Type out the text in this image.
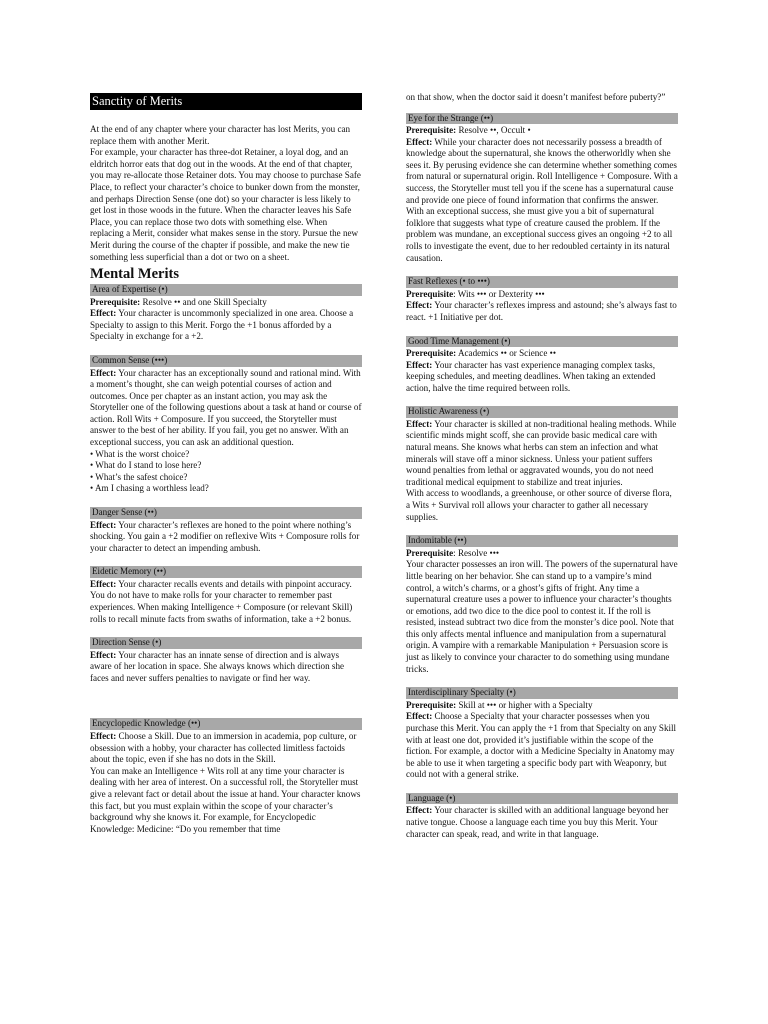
Sanctity of Merits

At the end of any chapter where your character has lost Merits, you can replace them with another Merit.

For example, your character has three-dot Retainer, a loyal dog, and an eldritch horror eats that dog out in the woods. At the end of that chapter, you may re-allocate those Retainer dots. You may choose to purchase Safe Place, to reflect your character’s choice to bunker down from the monster, and perhaps Direction Sense (one dot) so your character is less likely to get lost in those woods in the future. When the character leaves his Safe Place, you can replace those two dots with something else. When replacing a Merit, consider what makes sense in the story. Pursue the new Merit during the course of the chapter if possible, and make the new tie something less superficial than a dot or two on a sheet.

Mental Merits
Area of Expertise (•)

Prerequisite: Resolve •• and one Skill Specialty

Effect: Your character is uncommonly specialized in one area. Choose a Specialty to assign to this Merit. Forgo the +1 bonus afforded by a Specialty in exchange for a +2.

Common Sense (•••)

Effect: Your character has an exceptionally sound and rational mind. With a moment’s thought, she can weigh potential courses of action and outcomes. Once per chapter as an instant action, you may ask the Storyteller one of the following questions about a task at hand or course of action. Roll Wits + Composure. If you succeed, the Storyteller must answer to the best of her ability. If you fail, you get no answer. With an exceptional success, you can ask an additional question.

• What is the worst choice?

• What do I stand to lose here?

• What’s the safest choice?

• Am I chasing a worthless lead?

Danger Sense (••)

Effect: Your character’s reflexes are honed to the point where nothing’s shocking. You gain a +2 modifier on reflexive Wits + Composure rolls for your character to detect an impending ambush.

Eidetic Memory (••)

Effect: Your character recalls events and details with pinpoint accuracy. You do not have to make rolls for your character to remember past experiences. When making Intelligence + Composure (or relevant Skill) rolls to recall minute facts from swaths of information, take a +2 bonus.

Direction Sense (•)

Effect: Your character has an innate sense of direction and is always aware of her location in space. She always knows which direction she faces and never suffers penalties to navigate or find her way.

Encyclopedic Knowledge (••)

Effect: Choose a Skill. Due to an immersion in academia, pop culture, or obsession with a hobby, your character has collected limitless factoids about the topic, even if she has no dots in the Skill.

You can make an Intelligence + Wits roll at any time your character is dealing with her area of interest. On a successful roll, the Storyteller must give a relevant fact or detail about the issue at hand. Your character knows this fact, but you must explain within the scope of your character’s background why she knows it. For example, for Encyclopedic Knowledge: Medicine: “Do you remember that time

on that show, when the doctor said it doesn’t manifest before puberty?”

Eye for the Strange (••)

Prerequisite: Resolve ••, Occult •

Effect: While your character does not necessarily possess a breadth of knowledge about the supernatural, she knows the otherworldly when she sees it. By perusing evidence she can determine whether something comes from natural or supernatural origin. Roll Intelligence + Composure. With a success, the Storyteller must tell you if the scene has a supernatural cause and provide one piece of found information that confirms the answer. With an exceptional success, she must give you a bit of supernatural folklore that suggests what type of creature caused the problem. If the problem was mundane, an exceptional success gives an ongoing +2 to all rolls to investigate the event, due to her redoubled certainty in its natural causation.

Fast Reflexes (• to •••)

Prerequisite: Wits ••• or Dexterity •••

Effect: Your character’s reflexes impress and astound; she’s always fast to react. +1 Initiative per dot.

Good Time Management (•)

Prerequisite: Academics •• or Science ••

Effect: Your character has vast experience managing complex tasks, keeping schedules, and meeting deadlines. When taking an extended action, halve the time required between rolls.

Holistic Awareness (•)

Effect: Your character is skilled at non-traditional healing methods. While scientific minds might scoff, she can provide basic medical care with natural means. She knows what herbs can stem an infection and what minerals will stave off a minor sickness. Unless your patient suffers wound penalties from lethal or aggravated wounds, you do not need traditional medical equipment to stabilize and treat injuries.

With access to woodlands, a greenhouse, or other source of diverse flora, a Wits + Survival roll allows your character to gather all necessary supplies.

Indomitable (••)

Prerequisite: Resolve •••

Your character possesses an iron will. The powers of the supernatural have little bearing on her behavior. She can stand up to a vampire’s mind control, a witch’s charms, or a ghost’s gifts of fright. Any time a supernatural creature uses a power to influence your character’s thoughts or emotions, add two dice to the dice pool to contest it. If the roll is resisted, instead subtract two dice from the monster’s dice pool. Note that this only affects mental influence and manipulation from a supernatural origin. A vampire with a remarkable Manipulation + Persuasion score is just as likely to convince your character to do something using mundane tricks.

Interdisciplinary Specialty (•)

Prerequisite: Skill at ••• or higher with a Specialty

Effect: Choose a Specialty that your character possesses when you purchase this Merit. You can apply the +1 from that Specialty on any Skill with at least one dot, provided it’s justifiable within the scope of the fiction. For example, a doctor with a Medicine Specialty in Anatomy may be able to use it when targeting a specific body part with Weaponry, but could not with a general strike.

Language (•)

Effect: Your character is skilled with an additional language beyond her native tongue. Choose a language each time you buy this Merit. Your character can speak, read, and write in that language.
